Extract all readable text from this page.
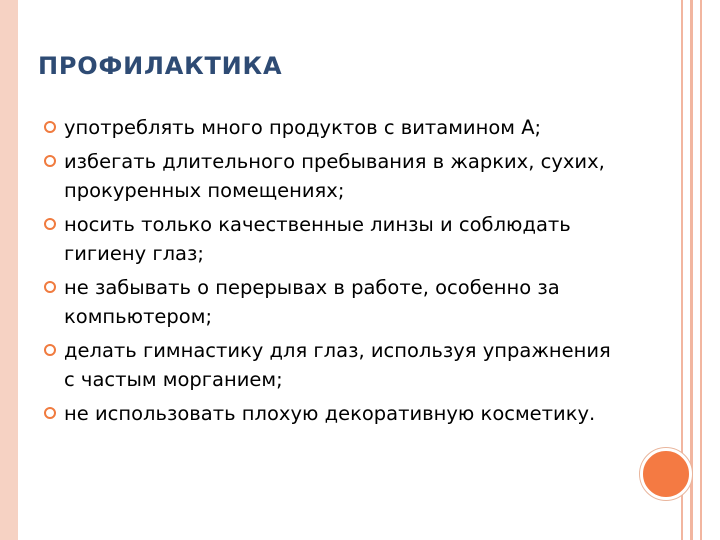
ПРОФИЛАКТИКА
употреблять много продуктов с витамином А;
избегать длительного пребывания в жарких, сухих, прокуренных помещениях;
носить только качественные линзы и соблюдать гигиену глаз;
не забывать о перерывах в работе, особенно за компьютером;
делать гимнастику для глаз, используя упражнения с частым морганием;
не использовать плохую декоративную косметику.
